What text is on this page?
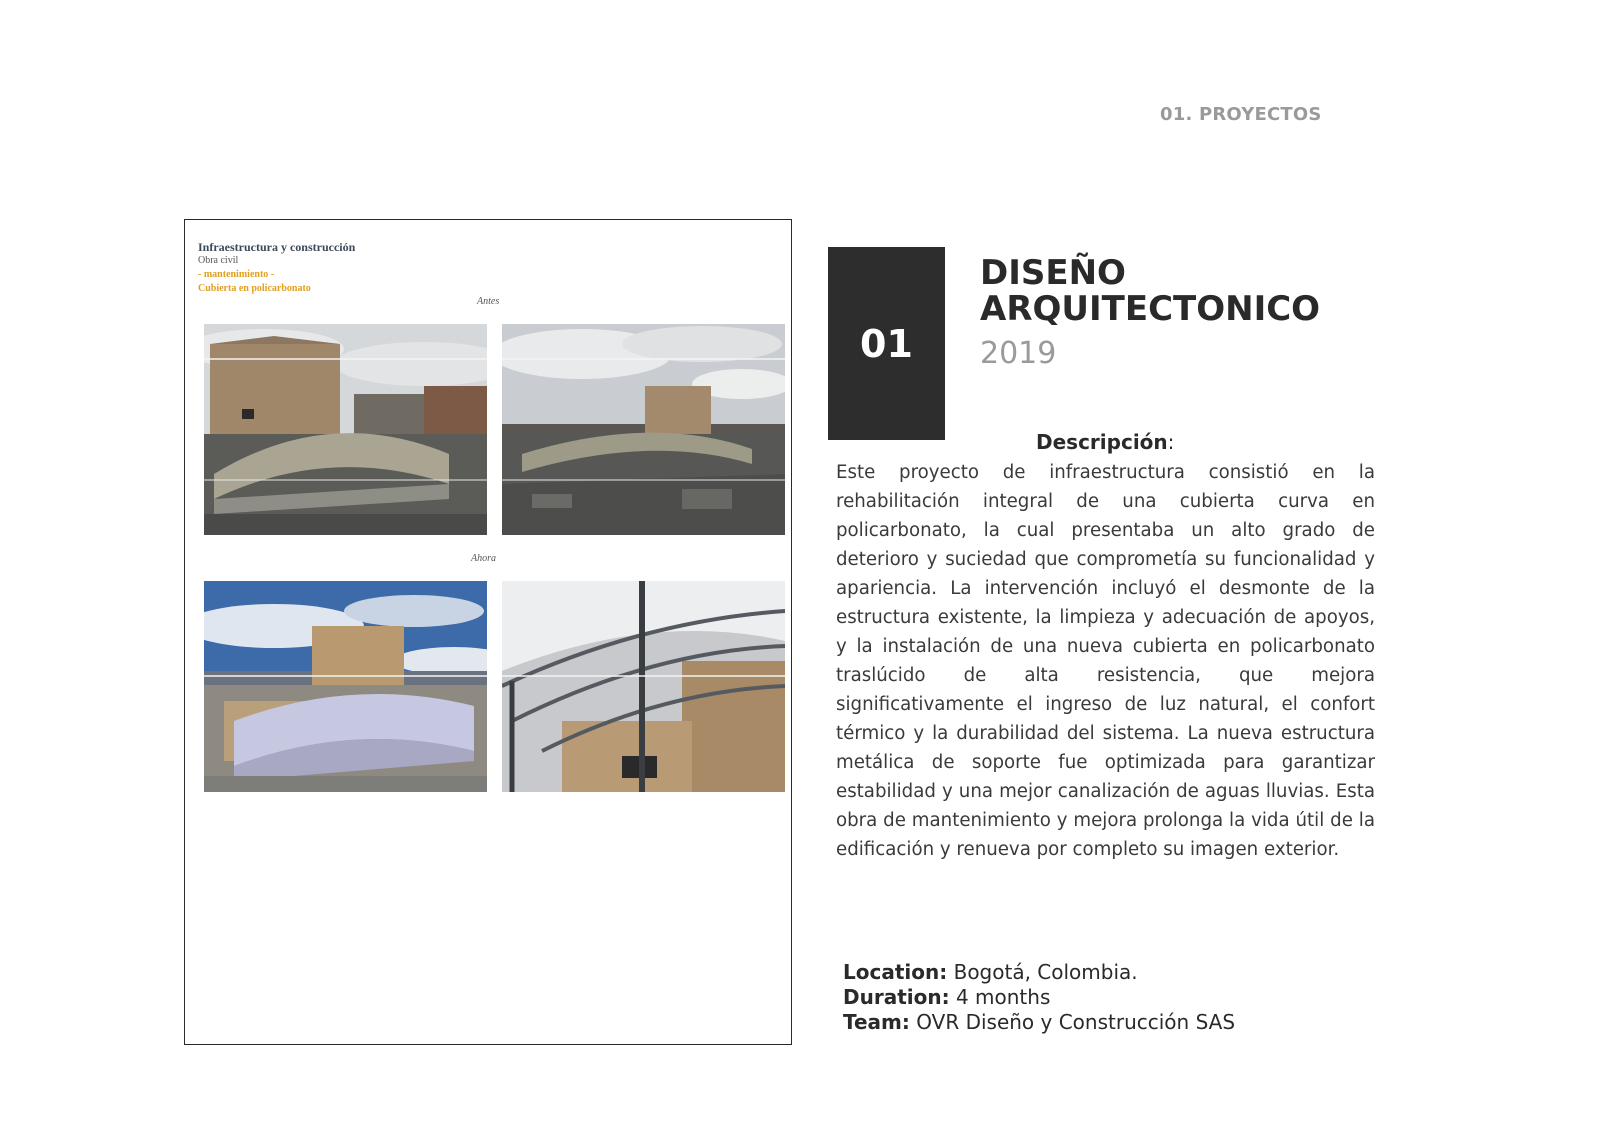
01. PROYECTOS
Infraestructura y construcción
Obra civil
- mantenimiento -
Cubierta en policarbonato
Antes
Ahora
01
DISEÑO
ARQUITECTONICO
2019
Descripción:
Este proyecto de infraestructura consistió en la rehabilitación integral de una cubierta curva en policarbonato, la cual presentaba un alto grado de deterioro y suciedad que comprometía su funcionalidad y apariencia. La intervención incluyó el desmonte de la estructura existente, la limpieza y adecuación de apoyos, y la instalación de una nueva cubierta en policarbonato traslúcido de alta resistencia, que mejora significativamente el ingreso de luz natural, el confort térmico y la durabilidad del sistema. La nueva estructura metálica de soporte fue optimizada para garantizar estabilidad y una mejor canalización de aguas lluvias. Esta obra de mantenimiento y mejora prolonga la vida útil de la edificación y renueva por completo su imagen exterior.
Location: Bogotá, Colombia.
Duration: 4 months
Team: OVR Diseño y Construcción SAS
